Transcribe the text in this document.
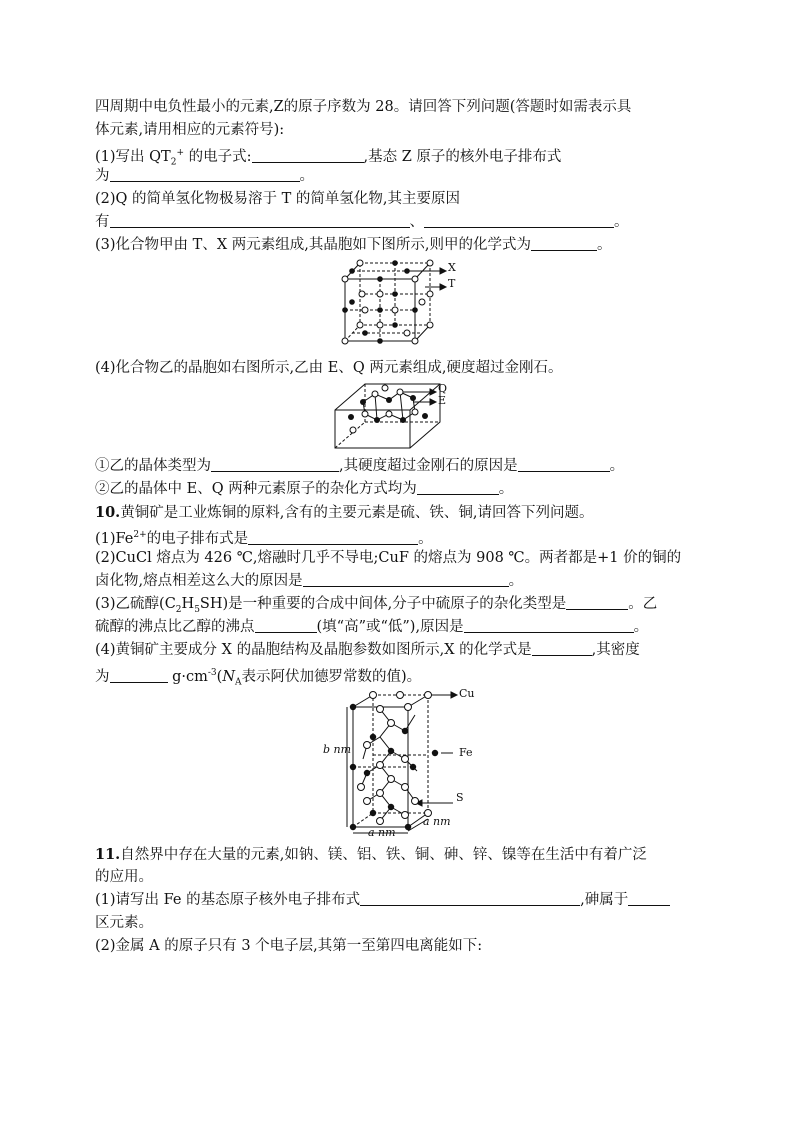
四周期中电负性最小的元素,Z的原子序数为 28。请回答下列问题(答题时如需表示具
体元素,请用相应的元素符号):
(1)写出 $QT_2^+$ 的电子式:	,基态 Z 原子的核外电子排布式
为	。
(2)Q 的简单氢化物极易溶于 T 的简单氢化物,其主要原因
有	、	。
(3)化合物甲由 T、X 两元素组成,其晶胞如下图所示,则甲的化学式为	。
X
T
(4)化合物乙的晶胞如右图所示,乙由 E、Q 两元素组成,硬度超过金刚石。
Q
E
①乙的晶体类型为	,其硬度超过金刚石的原因是	。
②乙的晶体中 E、Q 两种元素原子的杂化方式均为	。
10.黄铜矿是工业炼铜的原料,含有的主要元素是硫、铁、铜,请回答下列问题。
$(1)Fe^{2+}$的电子排布式是	。
(2)CuCl 熔点为 426 ℃,熔融时几乎不导电;CuF 的熔点为 908 ℃。两者都是+1 价的铜的
卤化物,熔点相差这么大的原因是	。
(3)乙硫醇$(C_2H_5SH)$是一种重要的合成中间体,分子中硫原子的杂化类型是	。乙
硫醇的沸点比乙醇的沸点	(填“高”或“低”),原因是	。
(4)黄铜矿主要成分 X 的晶胞结构及晶胞参数如图所示,X 的化学式是	,其密度
为	$g\cdot cm^{-3}(N_A$表示阿伏加德罗常数的值)。
Cu
Fe
S
b nm
a nm
a nm
11.自然界中存在大量的元素,如钠、镁、铝、铁、铜、砷、锌、镍等在生活中有着广泛
的应用。
(1)请写出 Fe 的基态原子核外电子排布式	,砷属于
区元素。
(2)金属 A 的原子只有 3 个电子层,其第一至第四电离能如下:
